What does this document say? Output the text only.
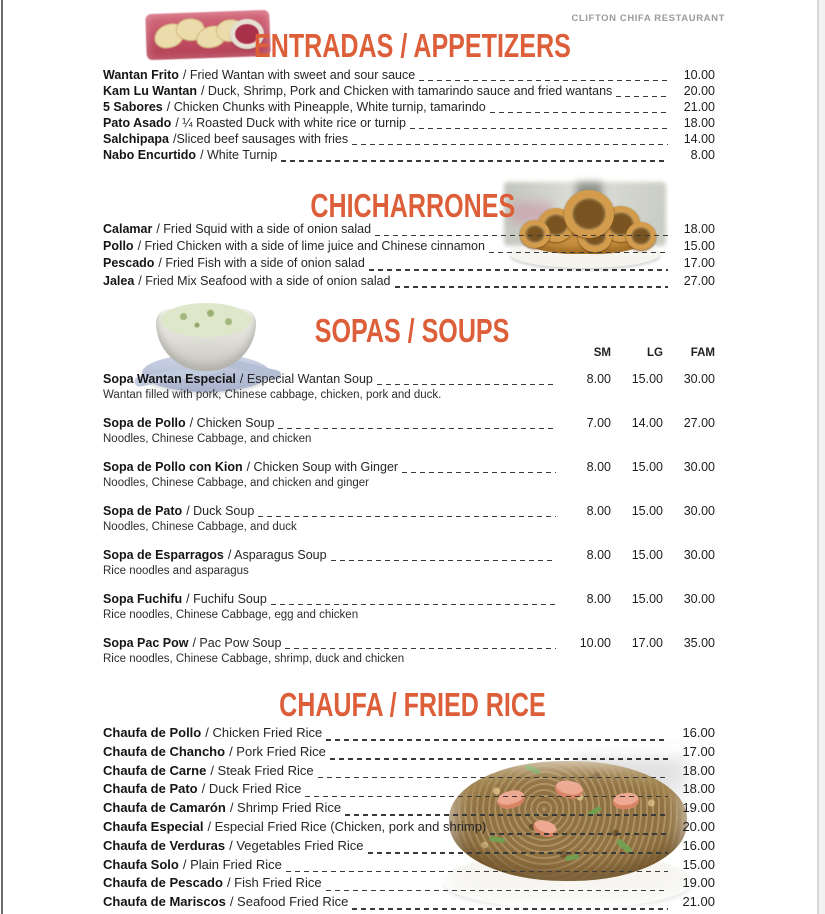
CLIFTON CHIFA RESTAURANT
ENTRADAS / APPETIZERS
CHICHARRONES
SOPAS / SOUPS
CHAUFA / FRIED RICE
SM	LG	FAM
Wantan Frito / Fried Wantan with sweet and sour sauce	10.00
Kam Lu Wantan / Duck, Shrimp, Pork and Chicken with tamarindo sauce and fried wantans	20.00
5 Sabores / Chicken Chunks with Pineapple, White turnip, tamarindo	21.00
Pato Asado / ¼ Roasted Duck with white rice or turnip	18.00
Salchipapa /Sliced beef sausages with fries	14.00
Nabo Encurtido / White Turnip	8.00
Calamar / Fried Squid with a side of onion salad	18.00
Pollo / Fried Chicken with a side of lime juice and Chinese cinnamon	15.00
Pescado / Fried Fish with a side of onion salad	17.00
Jalea / Fried Mix Seafood with a side of onion salad	27.00
Sopa Wantan Especial / Especial Wantan Soup	8.00	15.00	30.00
Wantan filled with pork, Chinese cabbage, chicken, pork and duck.
Sopa de Pollo / Chicken Soup	7.00	14.00	27.00
Noodles, Chinese Cabbage, and chicken
Sopa de Pollo con Kion / Chicken Soup with Ginger	8.00	15.00	30.00
Noodles, Chinese Cabbage, and chicken and ginger
Sopa de Pato / Duck Soup	8.00	15.00	30.00
Noodles, Chinese Cabbage, and duck
Sopa de Esparragos / Asparagus Soup	8.00	15.00	30.00
Rice noodles and asparagus
Sopa Fuchifu / Fuchifu Soup	8.00	15.00	30.00
Rice noodles, Chinese Cabbage, egg and chicken
Sopa Pac Pow / Pac Pow Soup	10.00	17.00	35.00
Rice noodles, Chinese Cabbage, shrimp, duck and chicken
Chaufa de Pollo / Chicken Fried Rice	16.00
Chaufa de Chancho / Pork Fried Rice	17.00
Chaufa de Carne / Steak Fried Rice	18.00
Chaufa de Pato / Duck Fried Rice	18.00
Chaufa de Camarón / Shrimp Fried Rice	19.00
Chaufa Especial / Especial Fried Rice (Chicken, pork and shrimp)	20.00
Chaufa de Verduras / Vegetables Fried Rice	16.00
Chaufa Solo / Plain Fried Rice	15.00
Chaufa de Pescado / Fish Fried Rice	19.00
Chaufa de Mariscos / Seafood Fried Rice	21.00
